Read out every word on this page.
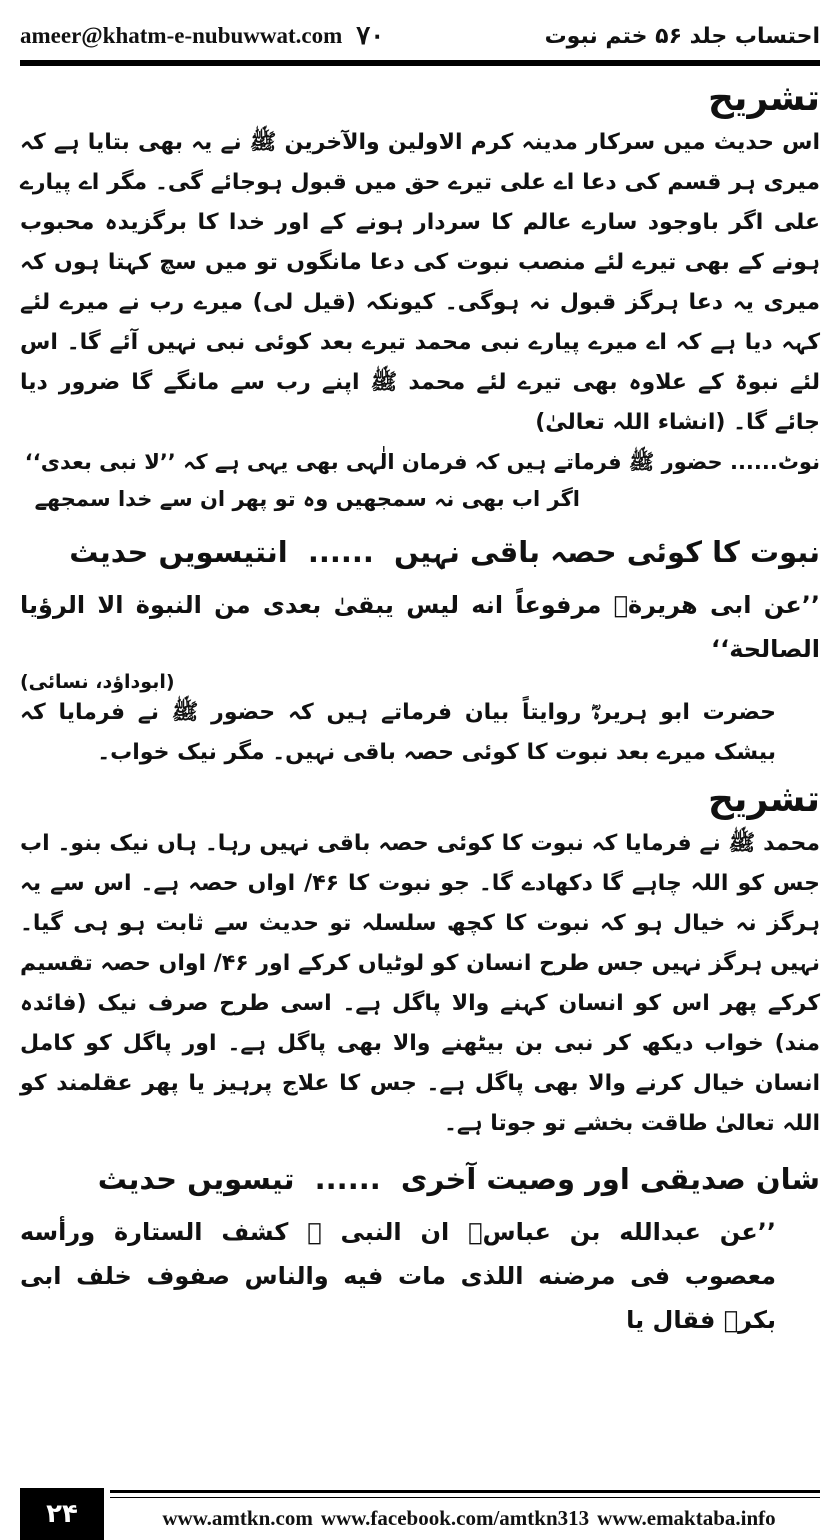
ameer@khatm-e-nubuwwat.com ۷۰	احتساب جلد ۵۶ ختم نبوت
تشریح

اس حدیث میں سرکار مدینہ کرم الاولین والآخرین ﷺ نے یہ بھی بتایا ہے کہ میری ہر قسم کی دعا اے علی تیرے حق میں قبول ہوجائے گی۔ مگر اے پیارے علی اگر باوجود سارے عالم کا سردار ہونے کے اور خدا کا برگزیدہ محبوب ہونے کے بھی تیرے لئے منصب نبوت کی دعا مانگوں تو میں سچ کہتا ہوں کہ میری یہ دعا ہرگز قبول نہ ہوگی۔ کیونکہ (قیل لی) میرے رب نے میرے لئے کہہ دیا ہے کہ اے میرے پیارے نبی محمد تیرے بعد کوئی نبی نہیں آئے گا۔ اس لئے نبوۃ کے علاوہ بھی تیرے لئے محمد ﷺ اپنے رب سے مانگے گا ضرور دیا جائے گا۔ (انشاء اللہ تعالیٰ)

نوٹ...... حضور ﷺ فرماتے ہیں کہ فرمان الٰہی بھی یہی ہے کہ ’’لا نبی بعدی‘‘
اگر اب بھی نہ سمجھیں وہ تو پھر ان سے خدا سمجھے
نبوت کا کوئی حصہ باقی نہیں ...... انتیسویں حدیث
’’عن ابی هريرةؓ مرفوعاً انه ليس يبقىٰ بعدى من النبوة الا الرؤيا الصالحة‘‘
(ابوداؤد، نسائی)

حضرت ابو ہریرہؓ روایتاً بیان فرماتے ہیں کہ حضور ﷺ نے فرمایا کہ بیشک میرے بعد نبوت کا کوئی حصہ باقی نہیں۔ مگر نیک خواب۔

تشریح

محمد ﷺ نے فرمایا کہ نبوت کا کوئی حصہ باقی نہیں رہا۔ ہاں نیک بنو۔ اب جس کو اللہ چاہے گا دکھادے گا۔ جو نبوت کا ۴۶/ اواں حصہ ہے۔ اس سے یہ ہرگز نہ خیال ہو کہ نبوت کا کچھ سلسلہ تو حدیث سے ثابت ہو ہی گیا۔ نہیں ہرگز نہیں جس طرح انسان کو لوٹیاں کرکے اور ۴۶/ اواں حصہ تقسیم کرکے پھر اس کو انسان کہنے والا پاگل ہے۔ اسی طرح صرف نیک (فائدہ مند) خواب دیکھ کر نبی بن بیٹھنے والا بھی پاگل ہے۔ اور پاگل کو کامل انسان خیال کرنے والا بھی پاگل ہے۔ جس کا علاج پرہیز یا پھر عقلمند کو اللہ تعالیٰ طاقت بخشے تو جوتا ہے۔

شان صدیقی اور وصیت آخری ...... تیسویں حدیث
’’عن عبدالله بن عباسؓ ان النبى ﷺ كشف الستارة ورأسه معصوب فى مرضنه اللذى مات فيه والناس صفوف خلف ابى بكرؓ فقال يا
۲۴	www.amtkn.com www.facebook.com/amtkn313 www.emaktaba.info
